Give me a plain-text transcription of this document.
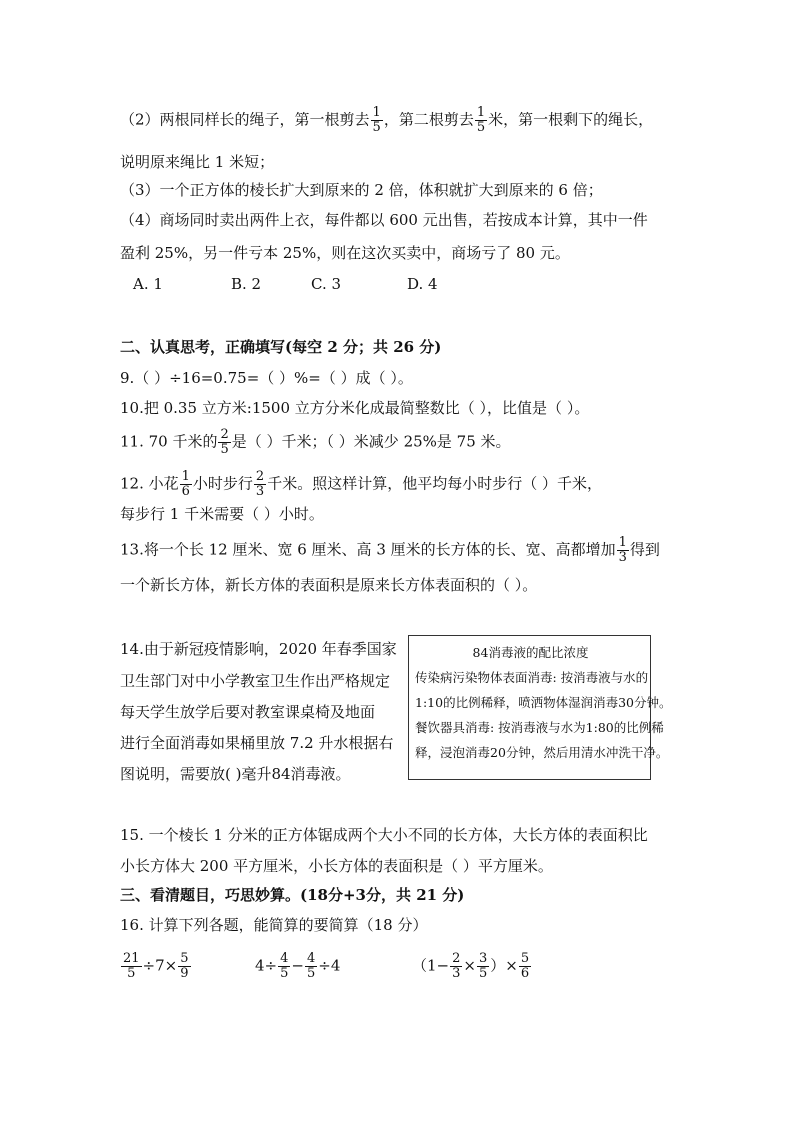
（2）两根同样长的绳子，第一根剪去 $\frac{1}{5}$ ，第二根剪去 $\frac{1}{5}$ 米，第一根剩下的绳长，
说明原来绳比 1 米短；
（3）一个正方体的棱长扩大到原来的 2 倍，体积就扩大到原来的 6 倍；
（4）商场同时卖出两件上衣，每件都以 600 元出售，若按成本计算，其中一件
盈利 25%，另一件亏本 25%，则在这次买卖中，商场亏了 80 元。
A. 1	B. 2	C. 3	D. 4
二、认真思考，正确填写(每空 2 分；共 26 分)
9.（ ）÷16=0.75=（ ）%=（ ）成（ ）。
10.把 0.35 立方米:1500 立方分米化成最简整数比（ ），比值是（ ）。
11. 70 千米的 $\frac{2}{5}$ 是（ ）千米；（ ）米减少 25%是 75 米。
12. 小花 $\frac{1}{6}$ 小时步行 $\frac{2}{3}$ 千米。照这样计算，他平均每小时步行（ ）千米，
每步行 1 千米需要（ ）小时。
13.将一个长 12 厘米、宽 6 厘米、高 3 厘米的长方体的长、宽、高都增加 $\frac{1}{3}$ 得到
一个新长方体，新长方体的表面积是原来长方体表面积的（ ）。
14.由于新冠疫情影响，2020 年春季国家
卫生部门对中小学教室卫生作出严格规定
每天学生放学后要对教室课桌椅及地面
进行全面消毒如果桶里放 7.2 升水根据右
图说明，需要放( )毫升84消毒液。
84消毒液的配比浓度
传染病污染物体表面消毒: 按消毒液与水的
1:10的比例稀释，喷洒物体湿润消毒30分钟。
餐饮器具消毒: 按消毒液与水为1:80的比例稀
释，浸泡消毒20分钟，然后用清水冲洗干净。
15. 一个棱长 1 分米的正方体锯成两个大小不同的长方体，大长方体的表面积比
小长方体大 200 平方厘米，小长方体的表面积是（ ）平方厘米。
三、看清题目，巧思妙算。(18分+3分，共 21 分)
16. 计算下列各题，能简算的要简算（18 分）
$\frac{21}{5} \div 7\times \frac{5}{9}$	$4\div \frac{4}{5} - \frac{4}{5} \div 4$	（$1- \frac{2}{3} \times \frac{3}{5}$ ）× $\frac{5}{6}$
